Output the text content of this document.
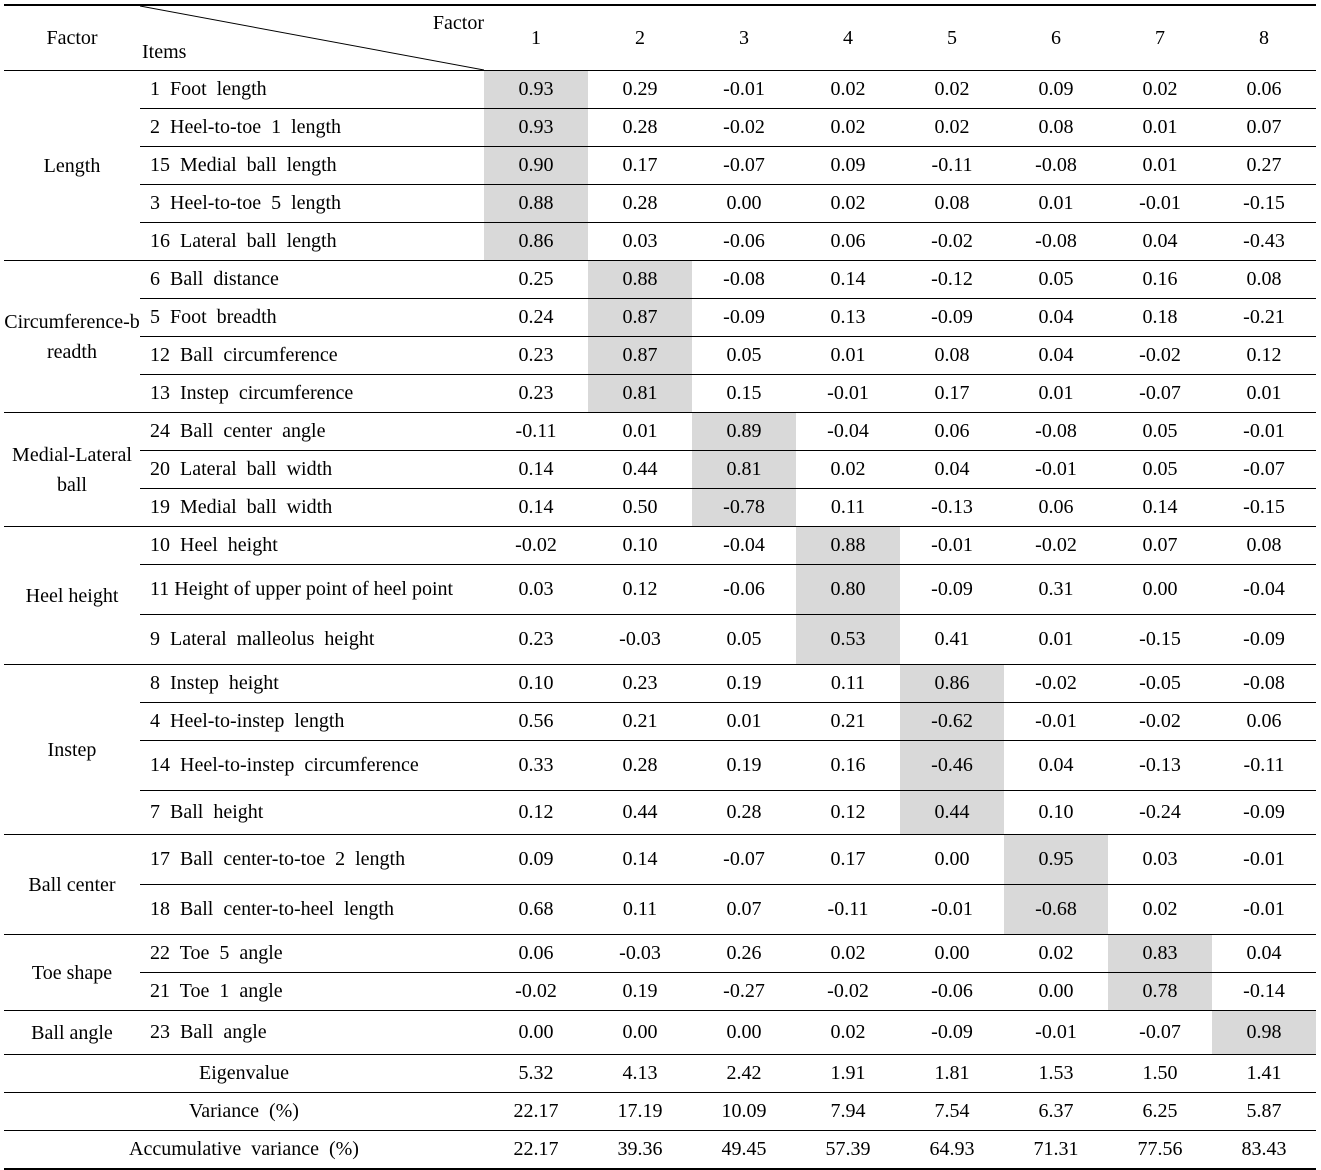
Factor	Factor
Items	1	2	3	4	5	6	7	8
Length	1  Foot  length	0.93	0.29	-0.01	0.02	0.02	0.09	0.02	0.06
	2  Heel-to-toe  1  length	0.93	0.28	-0.02	0.02	0.02	0.08	0.01	0.07
	15  Medial  ball  length	0.90	0.17	-0.07	0.09	-0.11	-0.08	0.01	0.27
	3  Heel-to-toe  5  length	0.88	0.28	0.00	0.02	0.08	0.01	-0.01	-0.15
	16  Lateral  ball  length	0.86	0.03	-0.06	0.06	-0.02	-0.08	0.04	-0.43
Circumference-breadth	6  Ball  distance	0.25	0.88	-0.08	0.14	-0.12	0.05	0.16	0.08
	5  Foot  breadth	0.24	0.87	-0.09	0.13	-0.09	0.04	0.18	-0.21
	12  Ball  circumference	0.23	0.87	0.05	0.01	0.08	0.04	-0.02	0.12
	13  Instep  circumference	0.23	0.81	0.15	-0.01	0.17	0.01	-0.07	0.01
Medial-Lateral ball	24  Ball  center  angle	-0.11	0.01	0.89	-0.04	0.06	-0.08	0.05	-0.01
	20  Lateral  ball  width	0.14	0.44	0.81	0.02	0.04	-0.01	0.05	-0.07
	19  Medial  ball  width	0.14	0.50	-0.78	0.11	-0.13	0.06	0.14	-0.15
Heel height	10  Heel  height	-0.02	0.10	-0.04	0.88	-0.01	-0.02	0.07	0.08
	11 Height of upper point of heel point	0.03	0.12	-0.06	0.80	-0.09	0.31	0.00	-0.04
	9  Lateral  malleolus  height	0.23	-0.03	0.05	0.53	0.41	0.01	-0.15	-0.09
Instep	8  Instep  height	0.10	0.23	0.19	0.11	0.86	-0.02	-0.05	-0.08
	4  Heel-to-instep  length	0.56	0.21	0.01	0.21	-0.62	-0.01	-0.02	0.06
	14  Heel-to-instep  circumference	0.33	0.28	0.19	0.16	-0.46	0.04	-0.13	-0.11
	7  Ball  height	0.12	0.44	0.28	0.12	0.44	0.10	-0.24	-0.09
Ball center	17  Ball  center-to-toe  2  length	0.09	0.14	-0.07	0.17	0.00	0.95	0.03	-0.01
	18  Ball  center-to-heel  length	0.68	0.11	0.07	-0.11	-0.01	-0.68	0.02	-0.01
Toe shape	22  Toe  5  angle	0.06	-0.03	0.26	0.02	0.00	0.02	0.83	0.04
	21  Toe  1  angle	-0.02	0.19	-0.27	-0.02	-0.06	0.00	0.78	-0.14
Ball angle	23  Ball  angle	0.00	0.00	0.00	0.02	-0.09	-0.01	-0.07	0.98
Eigenvalue		5.32	4.13	2.42	1.91	1.81	1.53	1.50	1.41
Variance  (%)		22.17	17.19	10.09	7.94	7.54	6.37	6.25	5.87
Accumulative  variance  (%)		22.17	39.36	49.45	57.39	64.93	71.31	77.56	83.43
